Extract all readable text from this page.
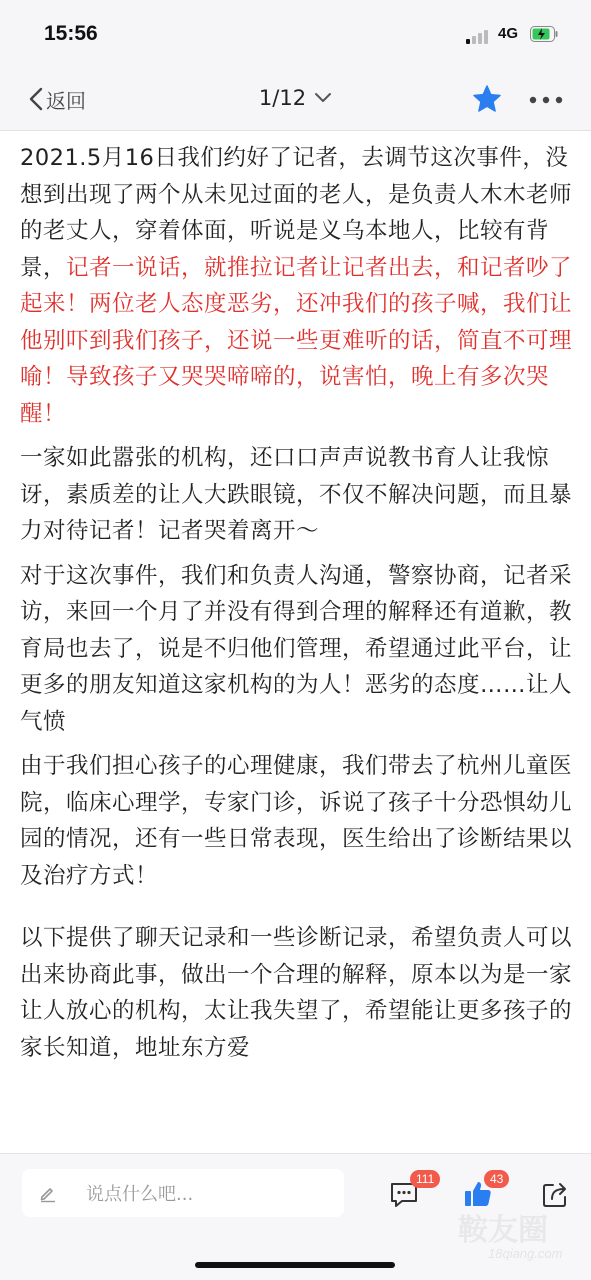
15:56	4G
返回	1/12

2021.5月16日我们约好了记者，去调节这次事件，没想到出现了两个从未见过面的老人，是负责人木木老师的老丈人，穿着体面，听说是义乌本地人，比较有背景，记者一说话，就推拉记者让记者出去，和记者吵了起来！两位老人态度恶劣，还冲我们的孩子喊，我们让他别吓到我们孩子，还说一些更难听的话，简直不可理喻！导致孩子又哭哭啼啼的，说害怕，晚上有多次哭醒！

一家如此嚣张的机构，还口口声声说教书育人让我惊讶，素质差的让人大跌眼镜，不仅不解决问题，而且暴力对待记者！记者哭着离开～

对于这次事件，我们和负责人沟通，警察协商，记者采访，来回一个月了并没有得到合理的解释还有道歉，教育局也去了，说是不归他们管理，希望通过此平台，让更多的朋友知道这家机构的为人！恶劣的态度……让人气愤

由于我们担心孩子的心理健康，我们带去了杭州儿童医院，临床心理学，专家门诊，诉说了孩子十分恐惧幼儿园的情况，还有一些日常表现，医生给出了诊断结果以及治疗方式！

以下提供了聊天记录和一些诊断记录，希望负责人可以出来协商此事，做出一个合理的解释，原本以为是一家让人放心的机构，太让我失望了，希望能让更多孩子的家长知道，地址东方爱

说点什么吧...
111	43
鞍友圈
18qiang.com
